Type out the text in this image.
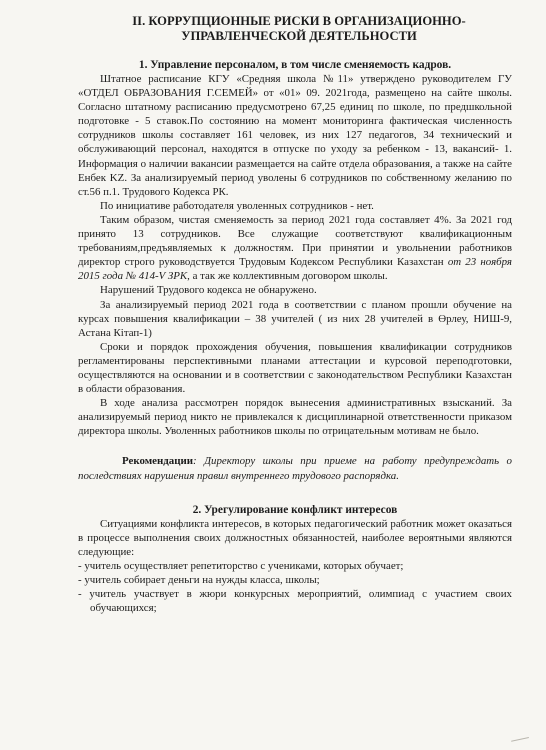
II. КОРРУПЦИОННЫЕ РИСКИ В ОРГАНИЗАЦИОННО-УПРАВЛЕНЧЕСКОЙ ДЕЯТЕЛЬНОСТИ
1. Управление персоналом, в том числе сменяемость кадров.

Штатное расписание КГУ «Средняя школа №11» утверждено руководителем ГУ «ОТДЕЛ ОБРАЗОВАНИЯ Г.СЕМЕЙ» от «01» 09. 2021года, размещено на сайте школы. Согласно штатному расписанию предусмотрено 67,25 единиц по школе, по предшкольной подготовке - 5 ставок.По состоянию на момент мониторинга фактическая численность сотрудников школы составляет 161 человек, из них 127 педагогов, 34 технический и обслуживающий персонал, находятся в отпуске по уходу за ребенком - 13, вакансий- 1. Информация о наличии вакансии размещается на сайте отдела образования, а также на сайте Енбек KZ. За анализируемый период уволены 6 сотрудников по собственному желанию по ст.56 п.1. Трудового Кодекса РК.

По инициативе работодателя уволенных сотрудников - нет.

Таким образом, чистая сменяемость за период 2021 года составляет 4%. За 2021 год принято 13 сотрудников. Все служащие соответствуют квалификационным требованиям,предъявляемых к должностям. При принятии и увольнении работников директор строго руководствуется Трудовым Кодексом Республики Казахстан от 23 ноября 2015 года № 414-V ЗРК, а так же коллективным договором школы.

Нарушений Трудового кодекса не обнаружено.

За анализируемый период 2021 года в соответствии с планом прошли обучение на курсах повышения квалификации – 38 учителей ( из них 28 учителей в Өрлеу, НИШ-9, Астана Кітап-1)

Сроки и порядок прохождения обучения, повышения квалификации сотрудников регламентированы перспективными планами аттестации и курсовой переподготовки, осуществляются на основании и в соответствии с законодательством Республики Казахстан в области образования.

В ходе анализа рассмотрен порядок вынесения административных взысканий. За анализируемый период никто не привлекался к дисциплинарной ответственности приказом директора школы. Уволенных работников школы по отрицательным мотивам не было.

Рекомендации: Директору школы при приеме на работу предупреждать о последствиях нарушения правил внутреннего трудового распорядка.

2. Урегулирование конфликт интересов

Ситуациями конфликта интересов, в которых педагогический работник может оказаться в процессе выполнения своих должностных обязанностей, наиболее вероятными являются следующие:

- учитель осуществляет репетиторство с учениками, которых обучает;

- учитель собирает деньги на нужды класса, школы;

- учитель участвует в жюри конкурсных мероприятий, олимпиад с участием своих обучающихся;
